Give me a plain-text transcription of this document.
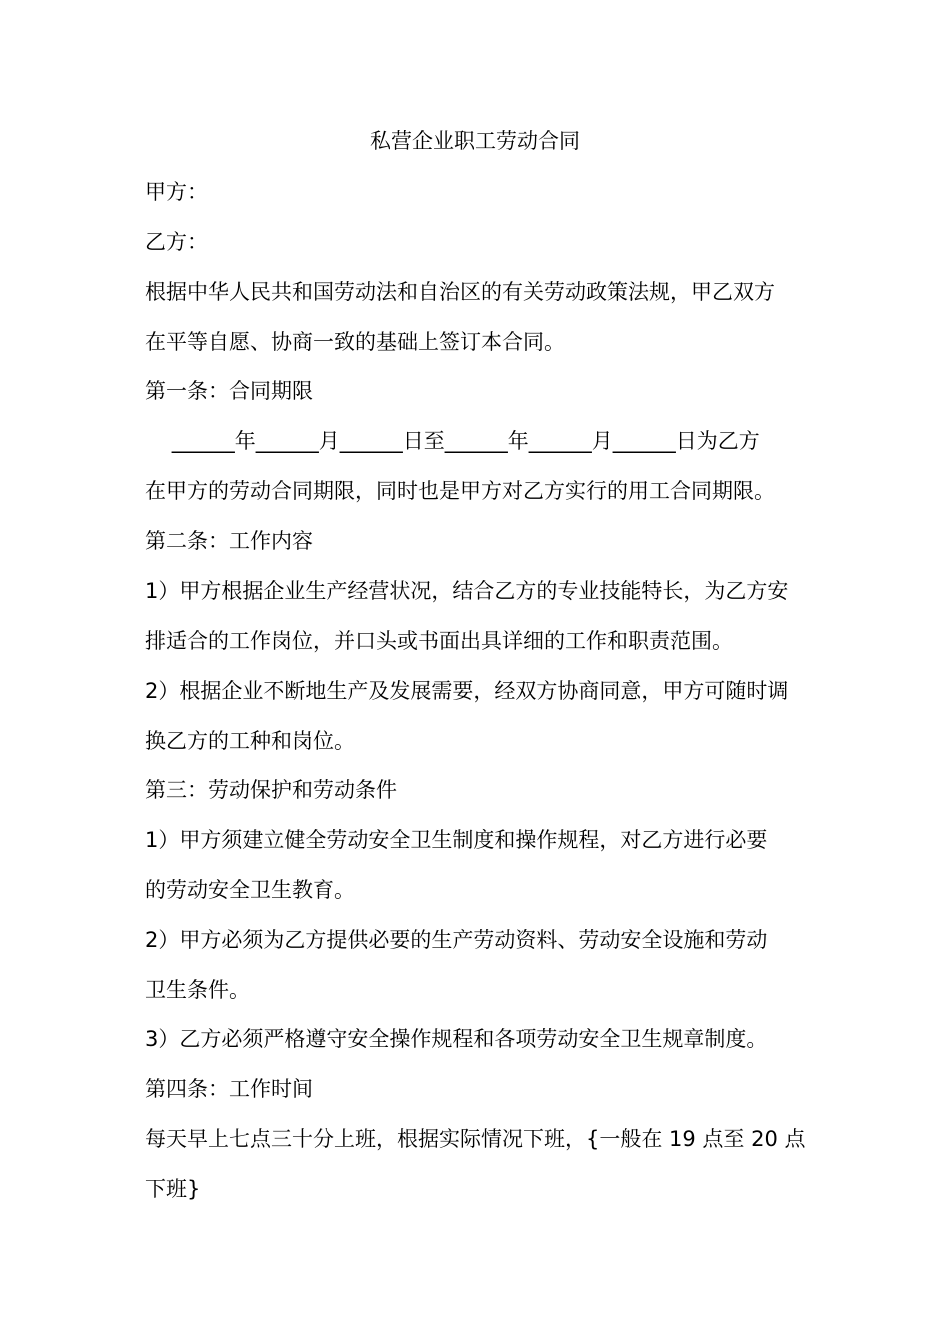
私营企业职工劳动合同
甲方：
乙方：
根据中华人民共和国劳动法和自治区的有关劳动政策法规，甲乙双方
在平等自愿、协商一致的基础上签订本合同。
第一条：合同期限
______年______月______日至______年______月______日为乙方
在甲方的劳动合同期限，同时也是甲方对乙方实行的用工合同期限。
第二条：工作内容
1）甲方根据企业生产经营状况，结合乙方的专业技能特长，为乙方安
排适合的工作岗位，并口头或书面出具详细的工作和职责范围。
2）根据企业不断地生产及发展需要，经双方协商同意，甲方可随时调
换乙方的工种和岗位。
第三：劳动保护和劳动条件
1）甲方须建立健全劳动安全卫生制度和操作规程，对乙方进行必要
的劳动安全卫生教育。
2）甲方必须为乙方提供必要的生产劳动资料、劳动安全设施和劳动
卫生条件。
3）乙方必须严格遵守安全操作规程和各项劳动安全卫生规章制度。
第四条：工作时间
每天早上七点三十分上班，根据实际情况下班，{一般在 19 点至 20 点
下班}
